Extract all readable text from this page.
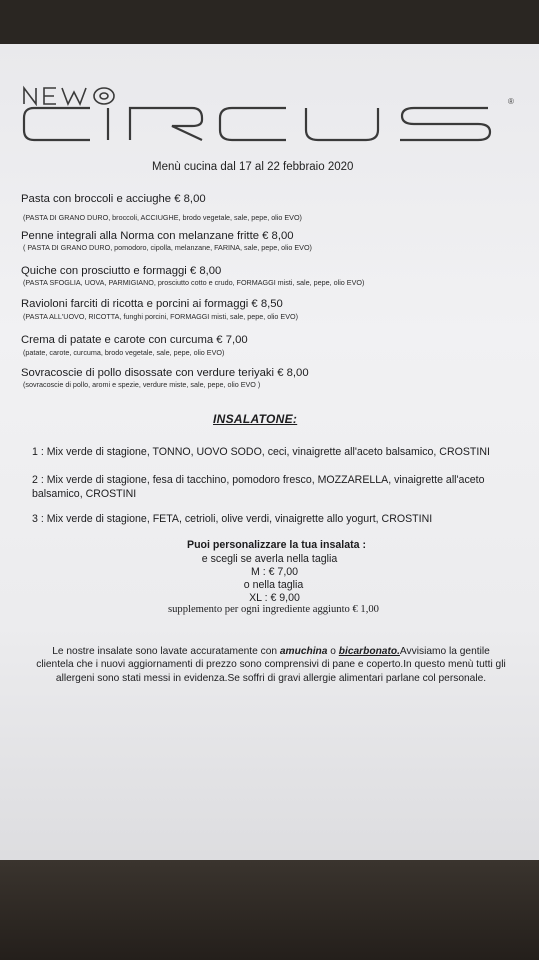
®
Menù cucina dal 17 al 22 febbraio 2020
Pasta con broccoli e acciughe € 8,00
(PASTA DI GRANO DURO, broccoli, ACCIUGHE, brodo vegetale, sale, pepe, olio EVO)
Penne integrali alla Norma con melanzane fritte € 8,00
( PASTA DI GRANO DURO, pomodoro, cipolla, melanzane, FARINA, sale, pepe, olio EVO)
Quiche con prosciutto e formaggi € 8,00
(PASTA SFOGLIA, UOVA, PARMIGIANO, prosciutto cotto e crudo, FORMAGGI misti, sale, pepe, olio EVO)
Ravioloni farciti di ricotta e porcini ai formaggi € 8,50
(PASTA ALL'UOVO, RICOTTA, funghi porcini, FORMAGGI misti, sale, pepe, olio EVO)
Crema di patate e carote con curcuma € 7,00
(patate, carote, curcuma, brodo vegetale, sale, pepe, olio EVO)
Sovracoscie di pollo disossate con verdure teriyaki € 8,00
(sovracoscie di pollo, aromi e spezie, verdure miste, sale, pepe, olio EVO )
INSALATONE:
1 : Mix verde di stagione, TONNO, UOVO SODO, ceci, vinaigrette all'aceto balsamico, CROSTINI
2 : Mix verde di stagione, fesa di tacchino, pomodoro fresco, MOZZARELLA, vinaigrette all'aceto balsamico, CROSTINI
3 : Mix verde di stagione, FETA, cetrioli, olive verdi, vinaigrette allo yogurt, CROSTINI
Puoi personalizzare la tua insalata :
e scegli se averla nella taglia
M : € 7,00
o nella taglia
XL : € 9,00
supplemento per ogni ingrediente aggiunto € 1,00
Le nostre insalate sono lavate accuratamente con amuchina o bicarbonato.Avvisiamo la gentile clientela che i nuovi aggiornamenti di prezzo sono comprensivi di pane e coperto.In questo menù tutti gli allergeni sono stati messi in evidenza.Se soffri di gravi allergie alimentari parlane col personale.
